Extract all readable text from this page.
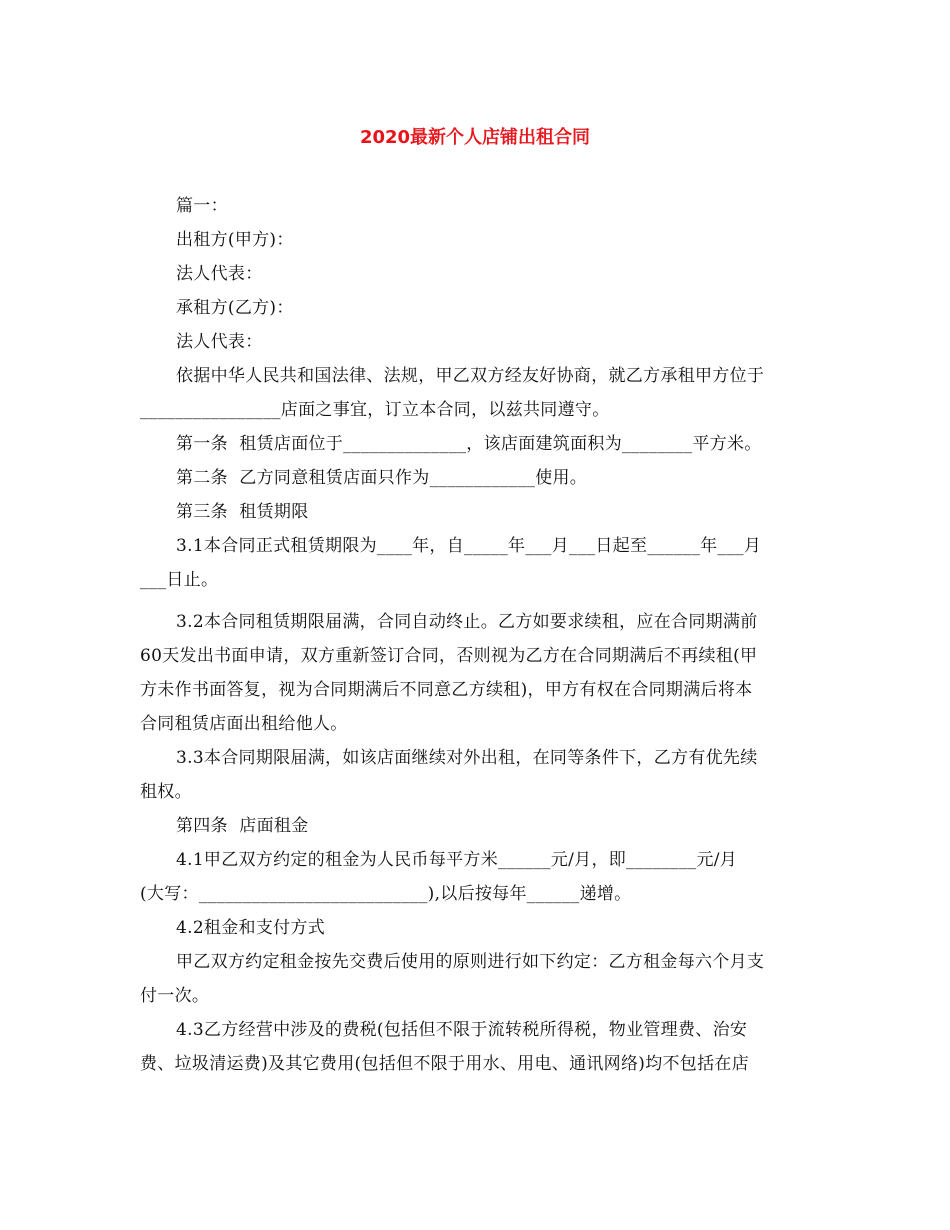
2020最新个人店铺出租合同
篇一：
出租方(甲方)：
法人代表：
承租方(乙方)：
法人代表：
依据中华人民共和国法律、法规，甲乙双方经友好协商，就乙方承租甲方位于
________________店面之事宜，订立本合同，以兹共同遵守。
第一条  租赁店面位于______________，该店面建筑面积为________平方米。
第二条  乙方同意租赁店面只作为____________使用。
第三条  租赁期限
3.1本合同正式租赁期限为____年，自_____年___月___日起至______年___月
___日止。
3.2本合同租赁期限届满，合同自动终止。乙方如要求续租，应在合同期满前
60天发出书面申请，双方重新签订合同，否则视为乙方在合同期满后不再续租(甲
方未作书面答复，视为合同期满后不同意乙方续租)，甲方有权在合同期满后将本
合同租赁店面出租给他人。
3.3本合同期限届满，如该店面继续对外出租，在同等条件下，乙方有优先续
租权。
第四条  店面租金
4.1甲乙双方约定的租金为人民币每平方米______元/月，即________元/月
(大写：__________________________),以后按每年______递增。
4.2租金和支付方式
甲乙双方约定租金按先交费后使用的原则进行如下约定：乙方租金每六个月支
付一次。
4.3乙方经营中涉及的费税(包括但不限于流转税所得税，物业管理费、治安
费、垃圾清运费)及其它费用(包括但不限于用水、用电、通讯网络)均不包括在店
